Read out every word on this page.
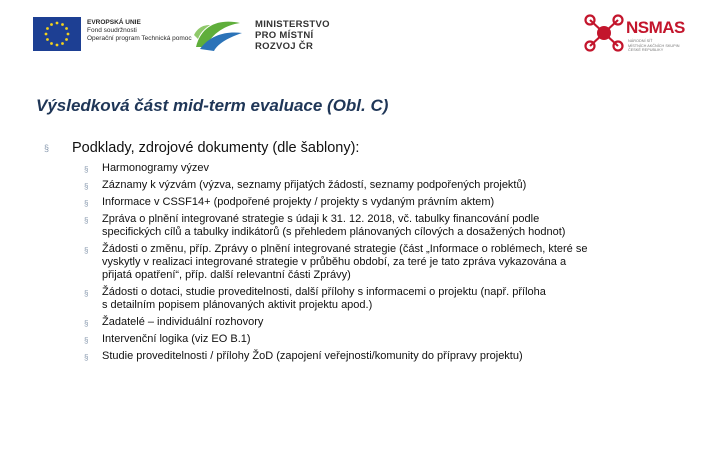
EVROPSKÁ UNIE
Fond soudržnosti
Operační program Technická pomoc
MINISTERSTVO
PRO MÍSTNÍ
ROZVOJ ČR
NSMAS
NÁRODNÍ SÍŤ
MÍSTNÍCH AKČNÍCH SKUPIN
ČESKÉ REPUBLIKY
Výsledková část mid-term evaluace (Obl. C)
§ Podklady, zdrojové dokumenty (dle šablony):
§ Harmonogramy výzev
§ Záznamy k výzvám (výzva, seznamy přijatých žádostí, seznamy podpořených projektů)
§ Informace v CSSF14+ (podpořené projekty / projekty s vydaným právním aktem)
§ Zpráva o plnění integrované strategie s údaji k 31. 12. 2018, vč. tabulky financování podle
specifických cílů a tabulky indikátorů (s přehledem plánovaných cílových a dosažených hodnot)
§ Žádosti o změnu, příp. Zprávy o plnění integrované strategie (část „Informace o roblémech, které se
vyskytly v realizaci integrované strategie v průběhu období, za teré je tato zpráva vykazována a
přijatá opatření“, příp. další relevantní části Zprávy)
§ Žádosti o dotaci, studie proveditelnosti, další přílohy s informacemi o projektu (např. příloha
s detailním popisem plánovaných aktivit projektu apod.)
§ Žadatelé – individuální rozhovory
§ Intervenční logika (viz EO B.1)
§ Studie proveditelnosti / přílohy ŽoD (zapojení veřejnosti/komunity do přípravy projektu)
